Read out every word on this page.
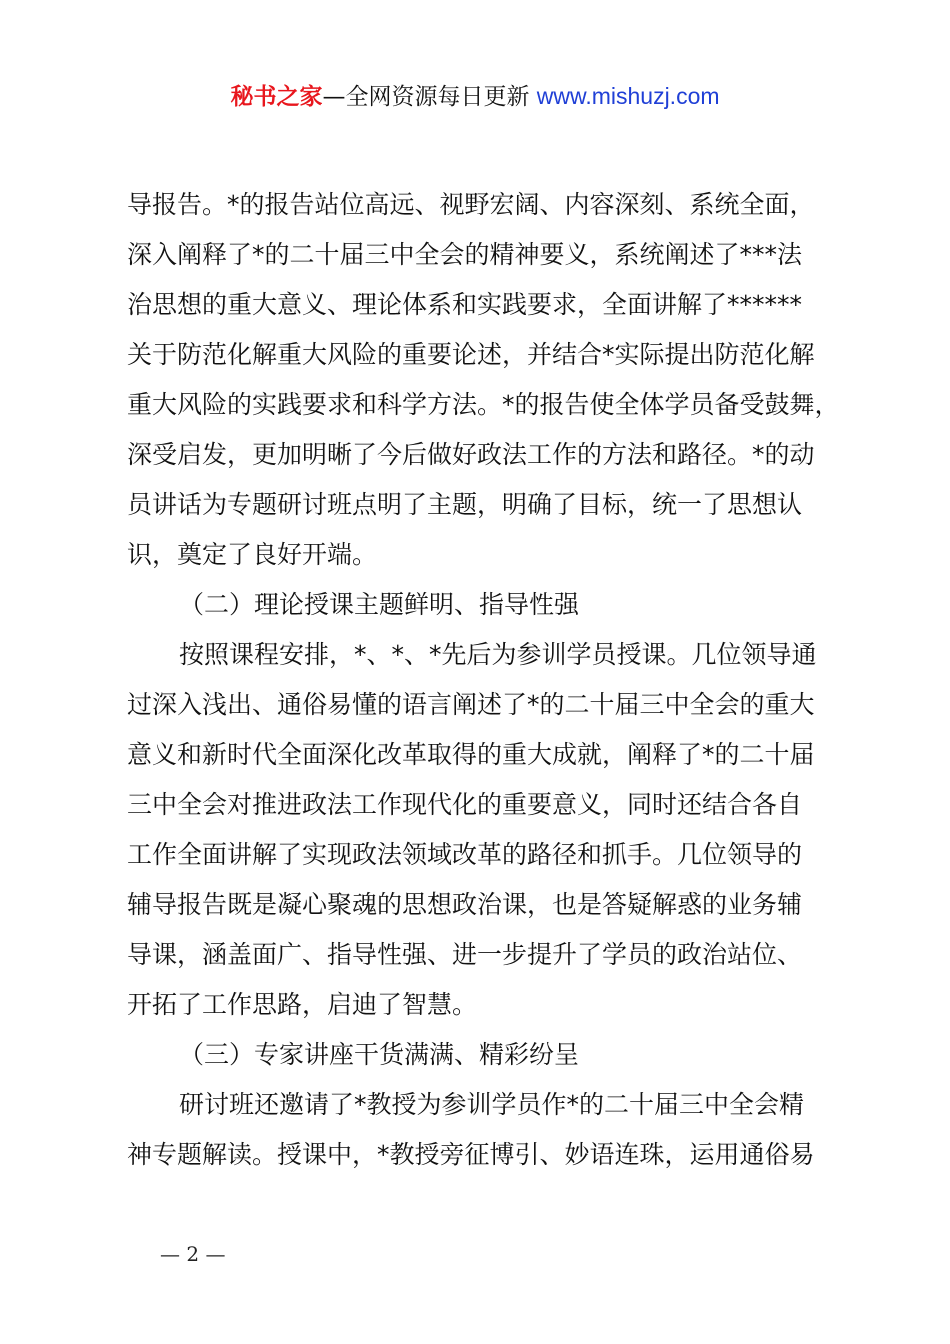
秘书之家—全网资源每日更新 www.mishuzj.com
导报告。*的报告站位高远、视野宏阔、内容深刻、系统全面，
深入阐释了*的二十届三中全会的精神要义，系统阐述了***法
治思想的重大意义、理论体系和实践要求，全面讲解了******
关于防范化解重大风险的重要论述，并结合*实际提出防范化解
重大风险的实践要求和科学方法。*的报告使全体学员备受鼓舞，
深受启发，更加明晰了今后做好政法工作的方法和路径。*的动
员讲话为专题研讨班点明了主题，明确了目标，统一了思想认
识，奠定了良好开端。
（二）理论授课主题鲜明、指导性强
按照课程安排，*、*、*先后为参训学员授课。几位领导通
过深入浅出、通俗易懂的语言阐述了*的二十届三中全会的重大
意义和新时代全面深化改革取得的重大成就，阐释了*的二十届
三中全会对推进政法工作现代化的重要意义，同时还结合各自
工作全面讲解了实现政法领域改革的路径和抓手。几位领导的
辅导报告既是凝心聚魂的思想政治课，也是答疑解惑的业务辅
导课，涵盖面广、指导性强、进一步提升了学员的政治站位、
开拓了工作思路，启迪了智慧。
（三）专家讲座干货满满、精彩纷呈
研讨班还邀请了*教授为参训学员作*的二十届三中全会精
神专题解读。授课中，*教授旁征博引、妙语连珠，运用通俗易
— 2 —
